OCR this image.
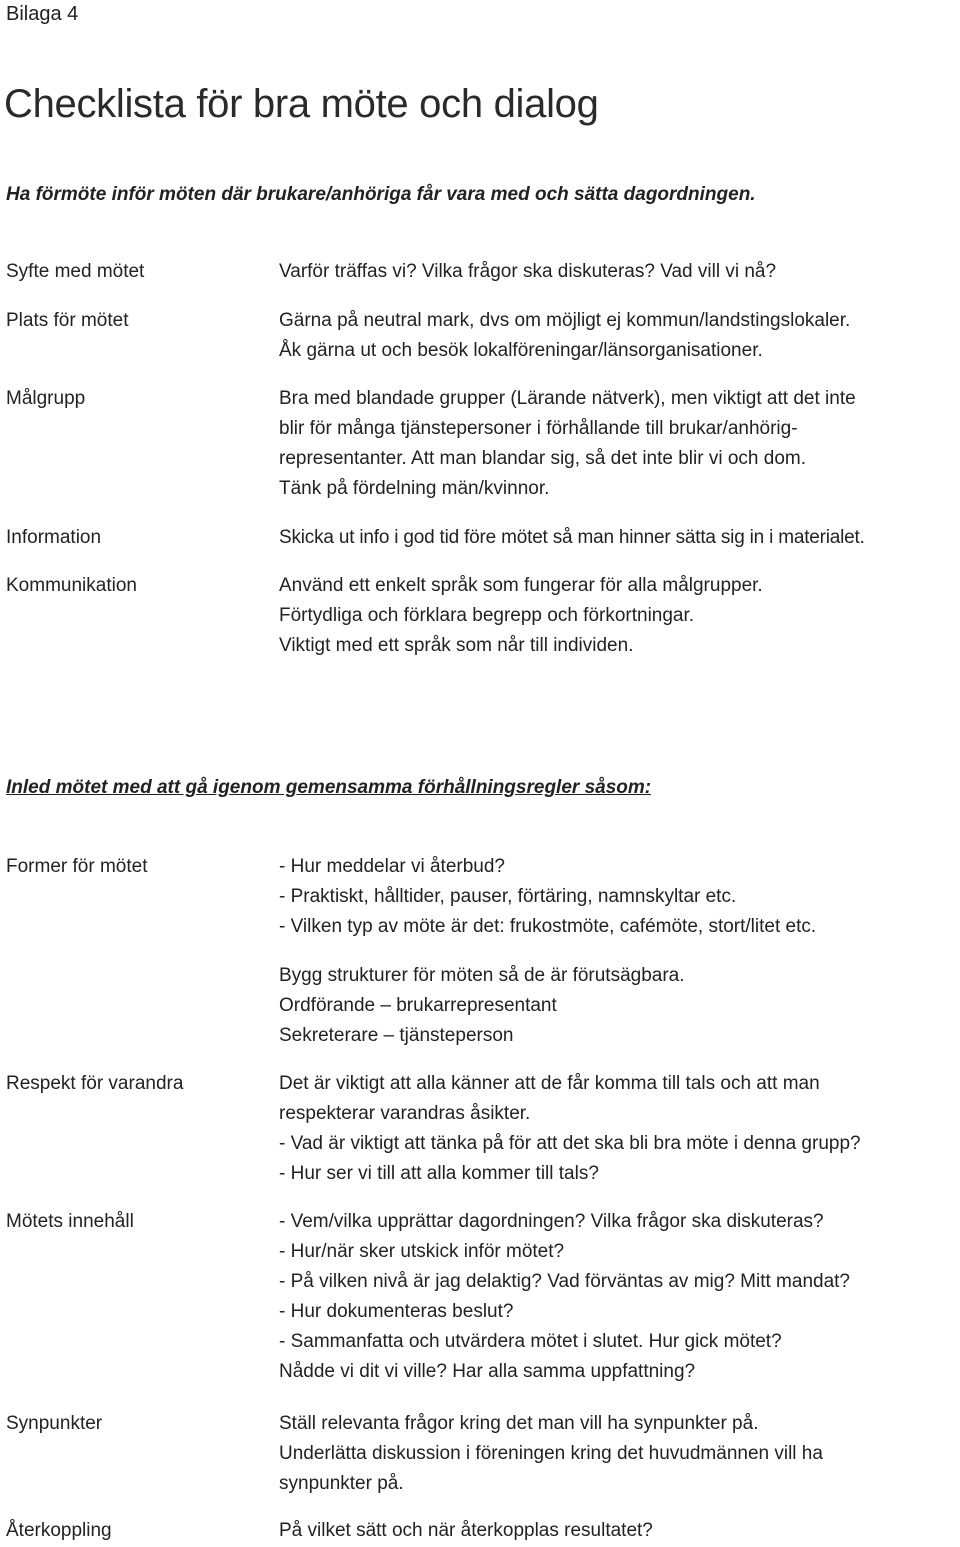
Bilaga 4
Checklista för bra möte och dialog
Ha förmöte inför möten där brukare/anhöriga får vara med och sätta dagordningen.
Syfte med mötet	Varför träffas vi? Vilka frågor ska diskuteras? Vad vill vi nå?
Plats för mötet	Gärna på neutral mark, dvs om möjligt ej kommun/landstingslokaler.
Åk gärna ut och besök lokalföreningar/länsorganisationer.
Målgrupp	Bra med blandade grupper (Lärande nätverk), men viktigt att det inte
blir för många tjänstepersoner i förhållande till brukar/anhörig-
representanter. Att man blandar sig, så det inte blir vi och dom.
Tänk på fördelning män/kvinnor.
Information	Skicka ut info i god tid före mötet så man hinner sätta sig in i materialet.
Kommunikation	Använd ett enkelt språk som fungerar för alla målgrupper.
Förtydliga och förklara begrepp och förkortningar.
Viktigt med ett språk som når till individen.
Inled mötet med att gå igenom gemensamma förhållningsregler såsom:
Former för mötet	- Hur meddelar vi återbud?
- Praktiskt, hålltider, pauser, förtäring, namnskyltar etc.
- Vilken typ av möte är det: frukostmöte, cafémöte, stort/litet etc.
Bygg strukturer för möten så de är förutsägbara.
Ordförande – brukarrepresentant
Sekreterare – tjänsteperson
Respekt för varandra	Det är viktigt att alla känner att de får komma till tals och att man
respekterar varandras åsikter.
- Vad är viktigt att tänka på för att det ska bli bra möte i denna grupp?
- Hur ser vi till att alla kommer till tals?
Mötets innehåll	- Vem/vilka upprättar dagordningen? Vilka frågor ska diskuteras?
- Hur/när sker utskick inför mötet?
- På vilken nivå är jag delaktig? Vad förväntas av mig? Mitt mandat?
- Hur dokumenteras beslut?
- Sammanfatta och utvärdera mötet i slutet. Hur gick mötet?
Nådde vi dit vi ville? Har alla samma uppfattning?
Synpunkter	Ställ relevanta frågor kring det man vill ha synpunkter på.
Underlätta diskussion i föreningen kring det huvudmännen vill ha
synpunkter på.
Återkoppling	På vilket sätt och när återkopplas resultatet?
